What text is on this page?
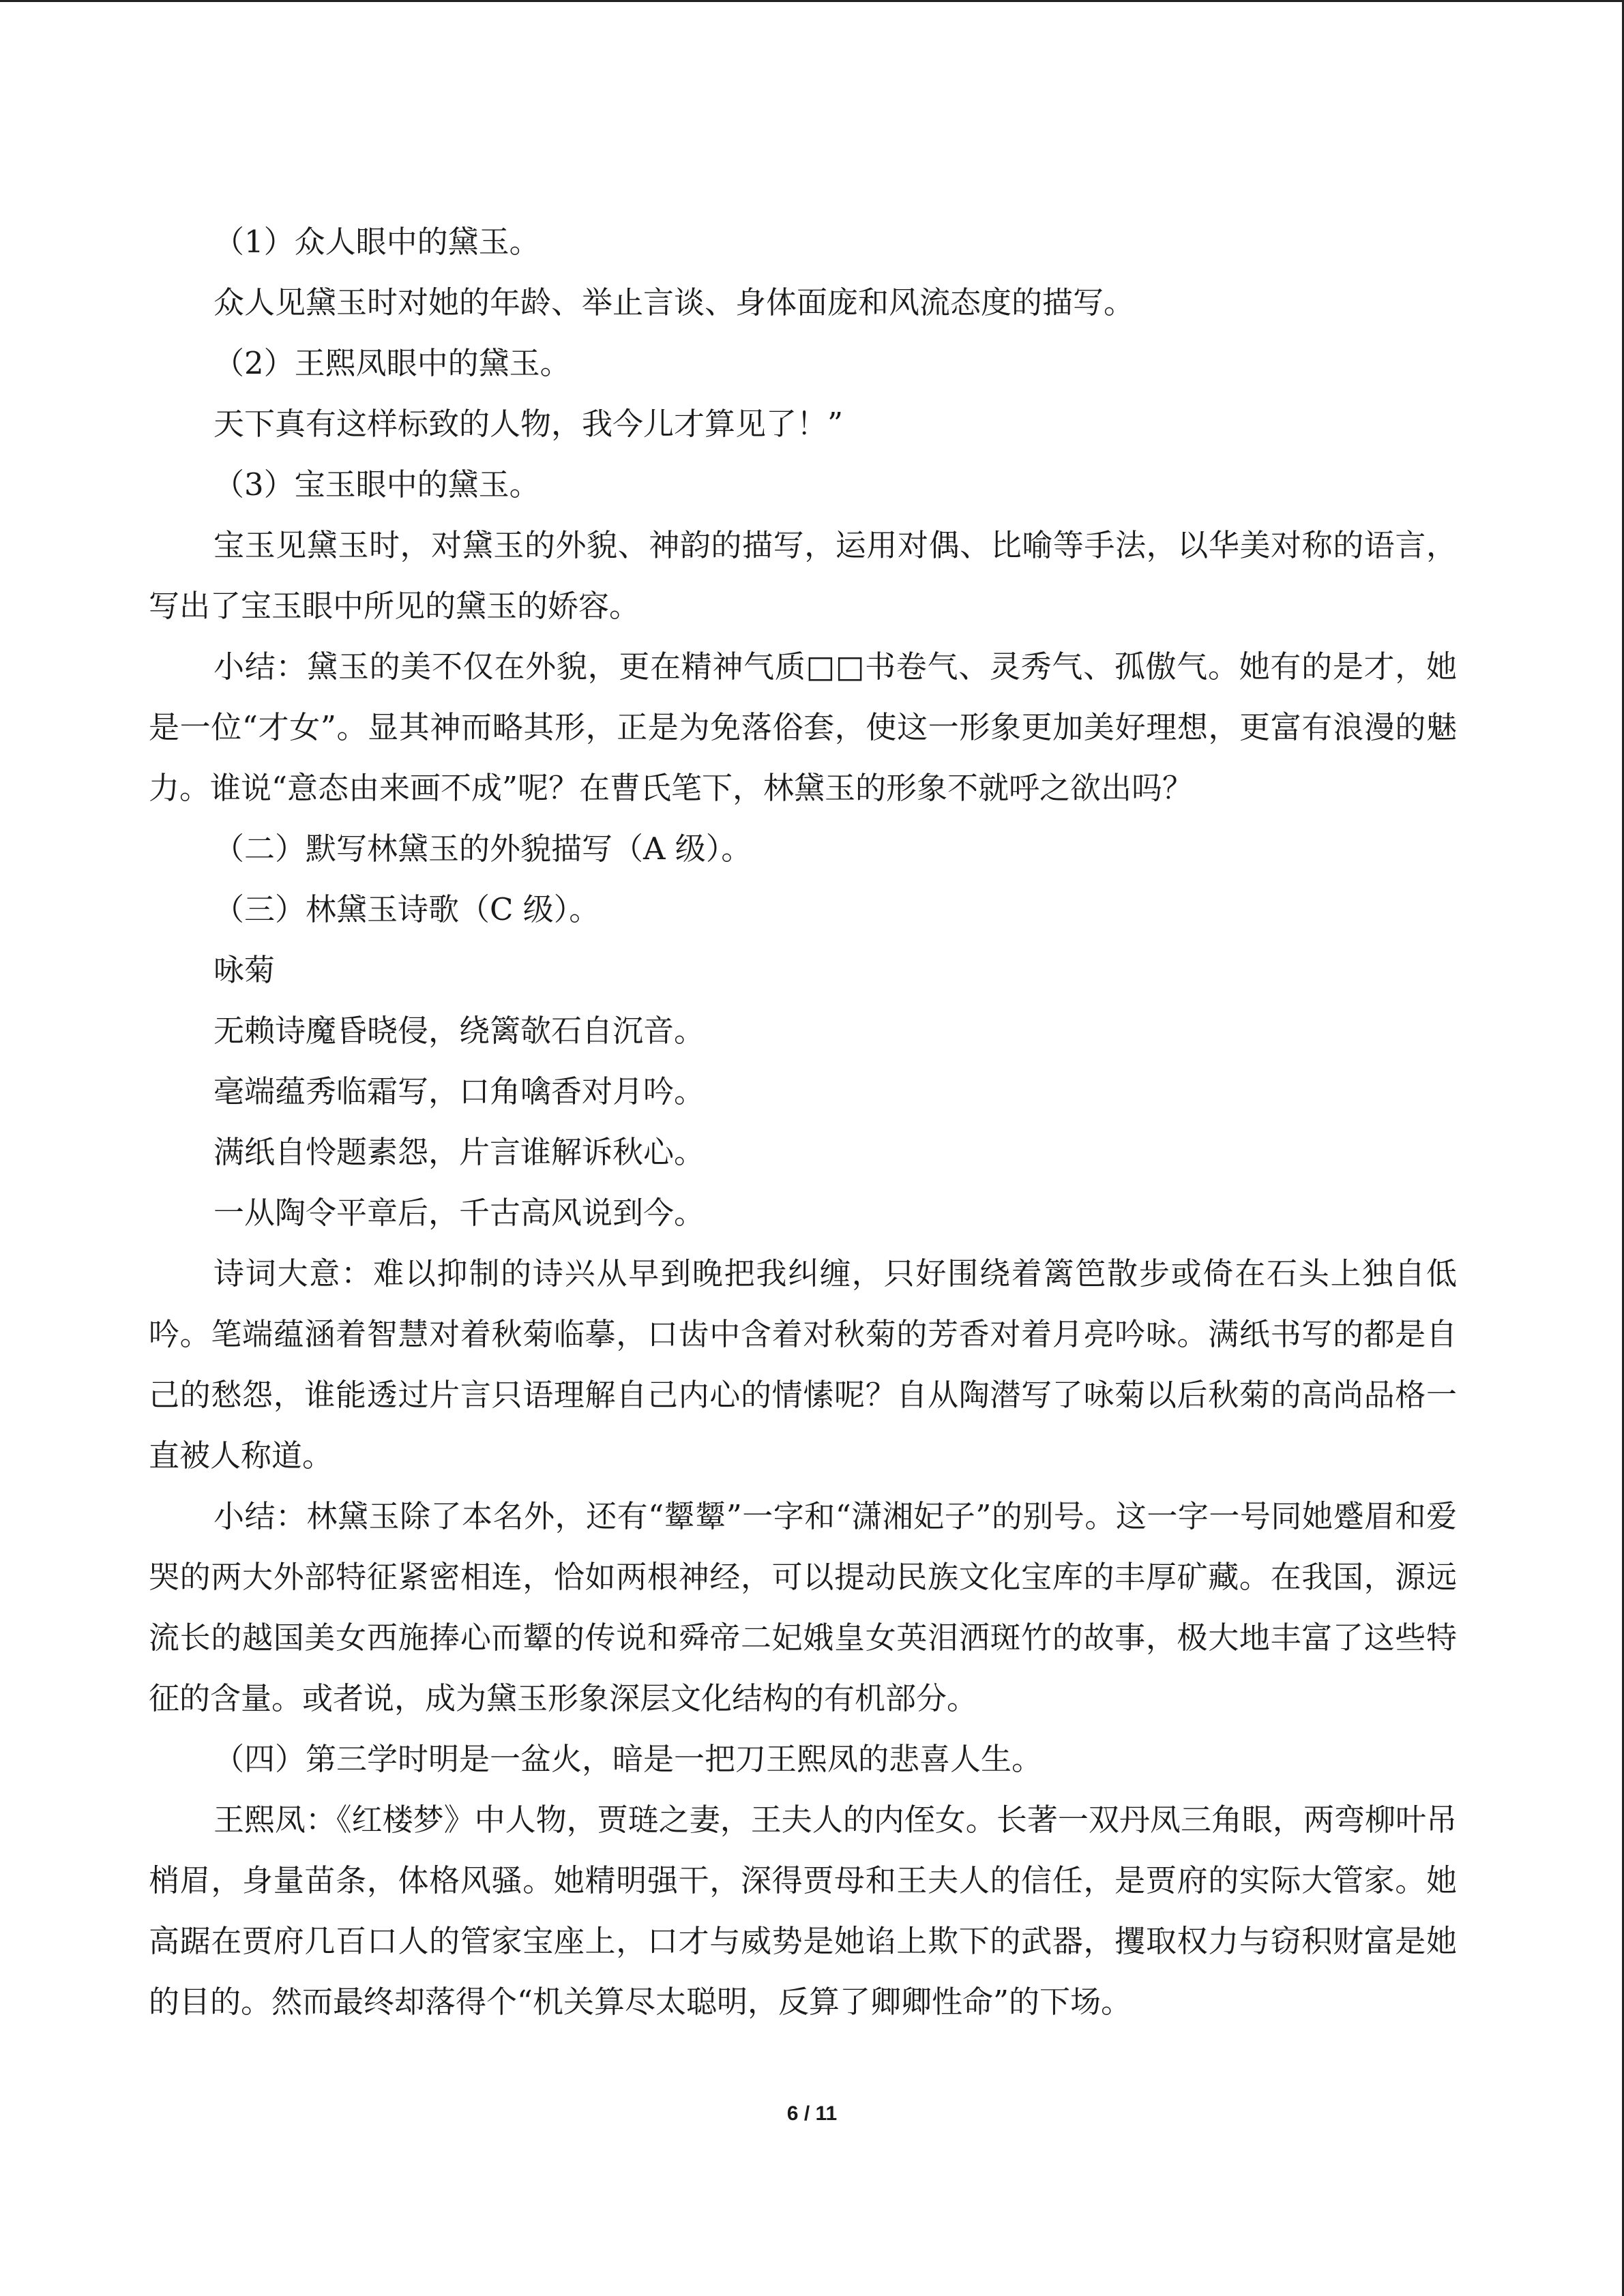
（1）众人眼中的黛玉。

众人见黛玉时对她的年龄、举止言谈、身体面庞和风流态度的描写。

（2）王熙凤眼中的黛玉。

天下真有这样标致的人物，我今儿才算见了！”

（3）宝玉眼中的黛玉。

宝玉见黛玉时，对黛玉的外貌、神韵的描写，运用对偶、比喻等手法，以华美对称的语言，写出了宝玉眼中所见的黛玉的娇容。

小结：黛玉的美不仅在外貌，更在精神气质□□书卷气、灵秀气、孤傲气。她有的是才，她是一位“才女”。显其神而略其形，正是为免落俗套，使这一形象更加美好理想，更富有浪漫的魅力。谁说“意态由来画不成”呢？在曹氏笔下，林黛玉的形象不就呼之欲出吗？

（二）默写林黛玉的外貌描写（A 级）。

（三）林黛玉诗歌（C 级）。

咏菊

无赖诗魔昏晓侵，绕篱欹石自沉音。

毫端蕴秀临霜写，口角噙香对月吟。

满纸自怜题素怨，片言谁解诉秋心。

一从陶令平章后，千古高风说到今。

诗词大意：难以抑制的诗兴从早到晚把我纠缠，只好围绕着篱笆散步或倚在石头上独自低吟。笔端蕴涵着智慧对着秋菊临摹，口齿中含着对秋菊的芳香对着月亮吟咏。满纸书写的都是自己的愁怨，谁能透过片言只语理解自己内心的情愫呢？自从陶潜写了咏菊以后秋菊的高尚品格一直被人称道。

小结：林黛玉除了本名外，还有“颦颦”一字和“潇湘妃子”的别号。这一字一号同她蹙眉和爱哭的两大外部特征紧密相连，恰如两根神经，可以提动民族文化宝库的丰厚矿藏。在我国，源远流长的越国美女西施捧心而颦的传说和舜帝二妃娥皇女英泪洒斑竹的故事，极大地丰富了这些特征的含量。或者说，成为黛玉形象深层文化结构的有机部分。

（四）第三学时明是一盆火，暗是一把刀王熙凤的悲喜人生。

王熙凤：《红楼梦》中人物，贾琏之妻，王夫人的内侄女。长著一双丹凤三角眼，两弯柳叶吊梢眉，身量苗条，体格风骚。她精明强干，深得贾母和王夫人的信任，是贾府的实际大管家。她高踞在贾府几百口人的管家宝座上，口才与威势是她谄上欺下的武器，攫取权力与窃积财富是她的目的。然而最终却落得个“机关算尽太聪明，反算了卿卿性命”的下场。

6 / 11
